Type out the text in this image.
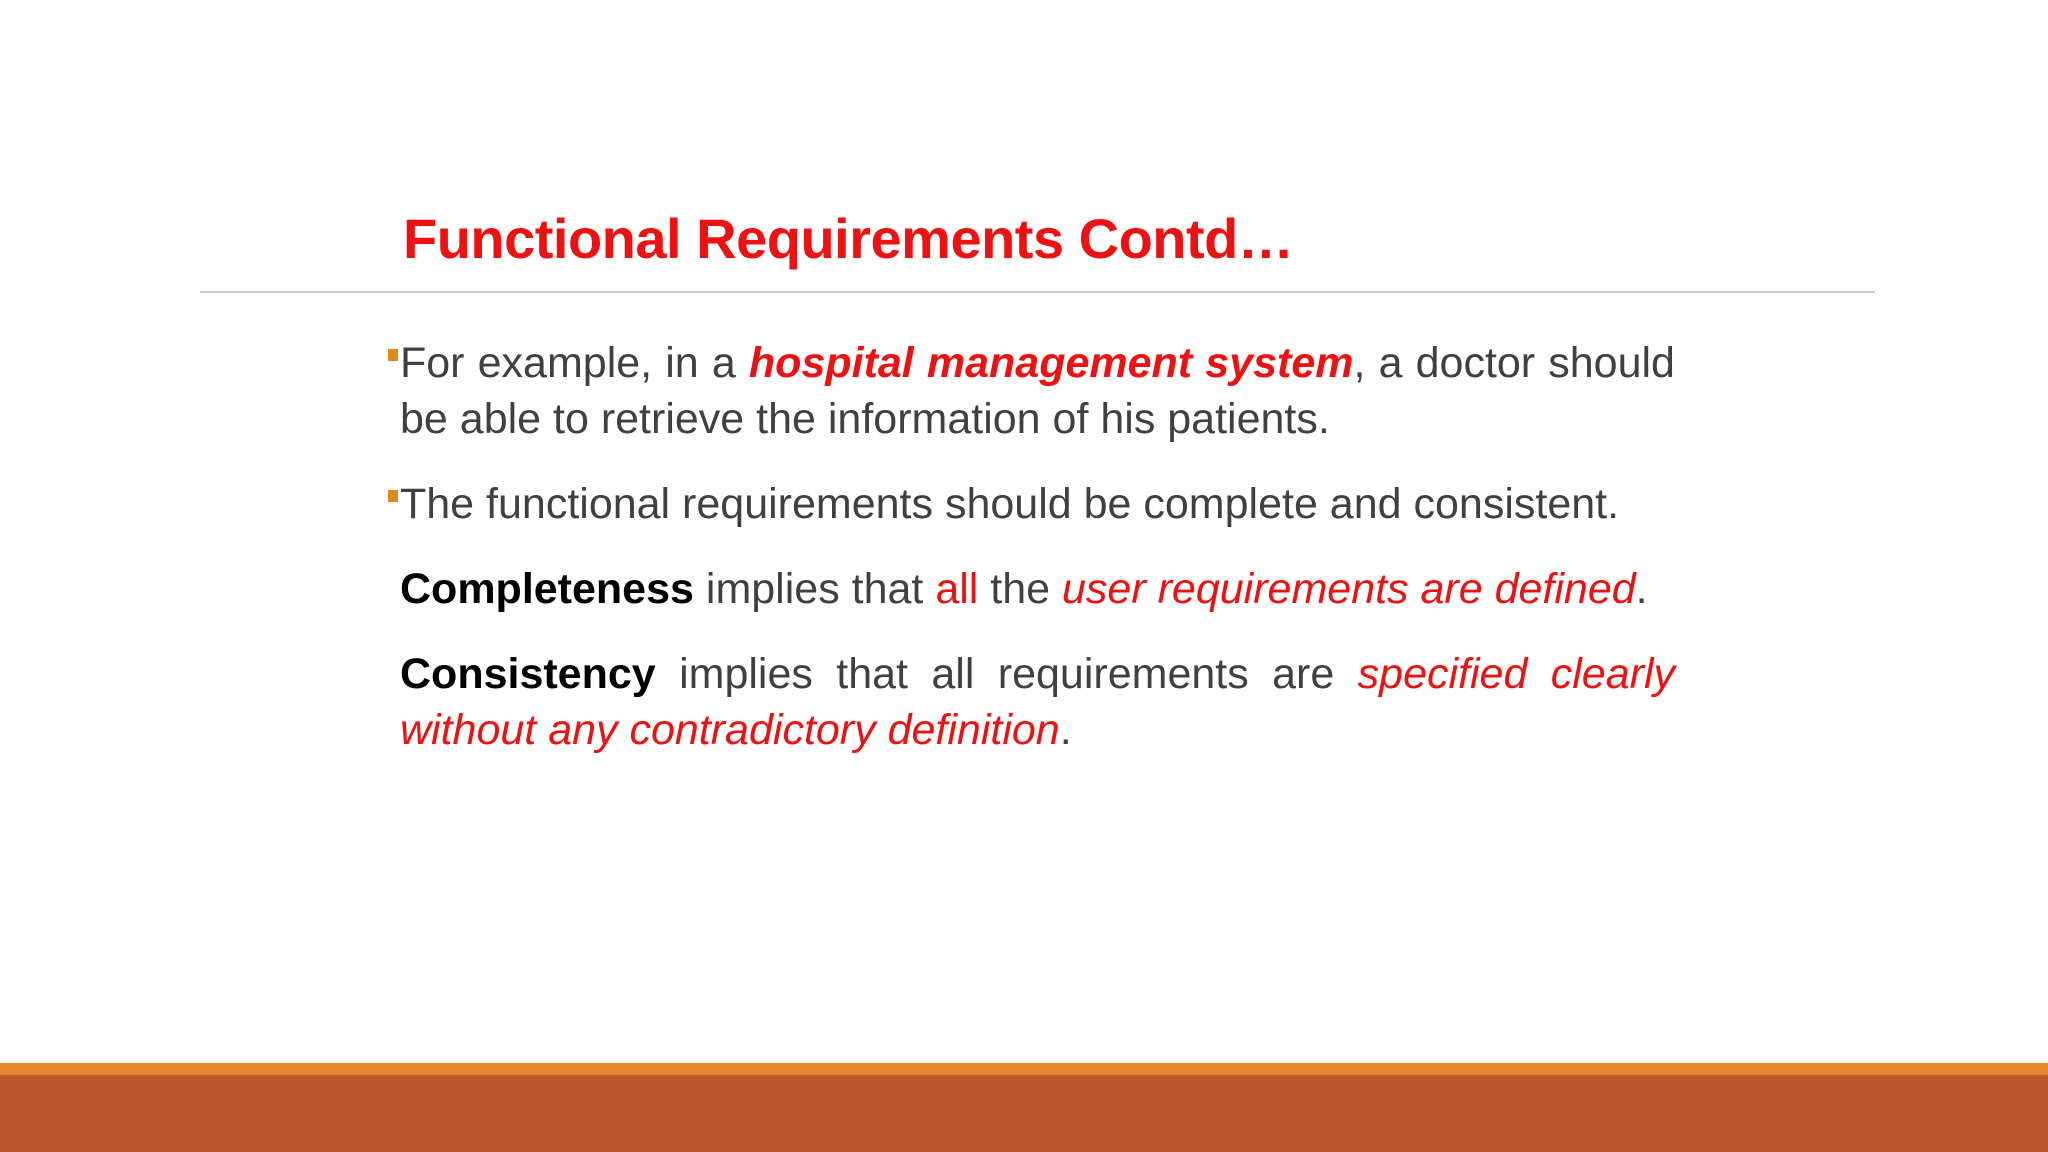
Functional Requirements Contd…

For example, in a hospital management system, a doctor should be able to retrieve the information of his patients.

The functional requirements should be complete and consistent.

Completeness implies that all the user requirements are defined.

Consistency implies that all requirements are specified clearly without any contradictory definition.
